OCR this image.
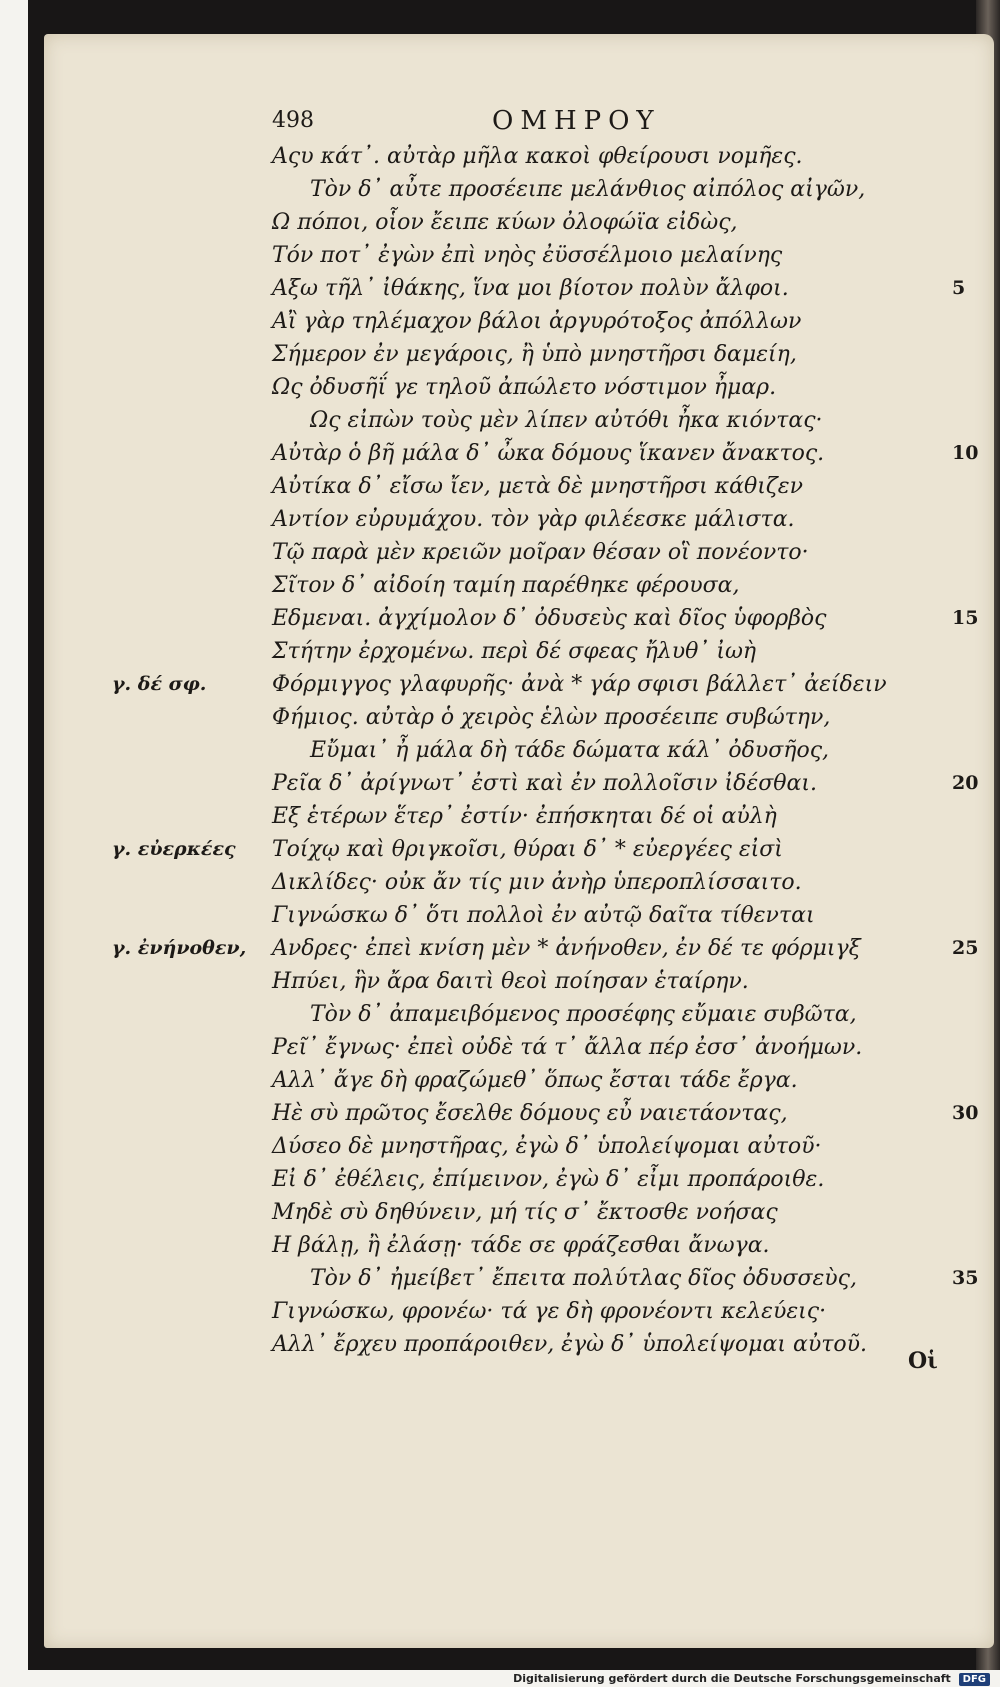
498	ΟΜΗΡΟΥ
Αςυ κάτ᾽. αὐτὰρ μῆλα κακοὶ φθείρουσι νομῆες.
Τὸν δ᾽ αὖτε προσέειπε μελάνθιος αἰπόλος αἰγῶν,
Ω πόποι, οἷον ἔειπε κύων ὀλοφώϊα εἰδὼς,
Τόν ποτ᾽ ἐγὼν ἐπὶ νηὸς ἐϋσσέλμοιο μελαίνης
Αξω τῆλ᾽ ἰθάκης, ἵνα μοι βίοτον πολὺν ἄλφοι.	5
Αἲ γὰρ τηλέμαχον βάλοι ἀργυρότοξος ἀπόλλων
Σήμερον ἐν μεγάροις, ἢ ὑπὸ μνηστῆρσι δαμείη,
Ως ὀδυσῆΐ γε τηλοῦ ἀπώλετο νόστιμον ἦμαρ.
Ως εἰπὼν τοὺς μὲν λίπεν αὐτόθι ἦκα κιόντας·
Αὐτὰρ ὁ βῆ μάλα δ᾽ ὦκα δόμους ἵκανεν ἄνακτος.	10
Αὐτίκα δ᾽ εἴσω ἴεν, μετὰ δὲ μνηστῆρσι κάθιζεν
Αντίον εὐρυμάχου. τὸν γὰρ φιλέεσκε μάλιστα.
Τῷ παρὰ μὲν κρειῶν μοῖραν θέσαν οἳ πονέοντο·
Σῖτον δ᾽ αἰδοίη ταμίη παρέθηκε φέρουσα,
Εδμεναι. ἀγχίμολον δ᾽ ὀδυσεὺς καὶ δῖος ὑφορβὸς	15
Στήτην ἐρχομένω. περὶ δέ σφεας ἤλυθ᾽ ἰωὴ
Φόρμιγγος γλαφυρῆς· ἀνὰ * γάρ σφισι βάλλετ᾽ ἀείδειν
γ. δέ σφ.
Φήμιος. αὐτὰρ ὁ χειρὸς ἑλὼν προσέειπε συβώτην,
Εὔμαι᾽ ἦ μάλα δὴ τάδε δώματα κάλ᾽ ὀδυσῆος,
Ρεῖα δ᾽ ἀρίγνωτ᾽ ἐστὶ καὶ ἐν πολλοῖσιν ἰδέσθαι.	20
Εξ ἑτέρων ἕτερ᾽ ἐστίν· ἐπήσκηται δέ οἱ αὐλὴ
Τοίχῳ καὶ θριγκοῖσι, θύραι δ᾽ * εὐεργέες εἰσὶ
γ. εὐερκέες
Δικλίδες· οὐκ ἄν τίς μιν ἀνὴρ ὑπεροπλίσσαιτο.
Γιγνώσκω δ᾽ ὅτι πολλοὶ ἐν αὐτῷ δαῖτα τίθενται
Ανδρες· ἐπεὶ κνίση μὲν * ἀνήνοθεν, ἐν δέ τε φόρμιγξ
γ. ἐνήνοθεν,	25
Ηπύει, ἣν ἄρα δαιτὶ θεοὶ ποίησαν ἑταίρην.
Τὸν δ᾽ ἀπαμειβόμενος προσέφης εὔμαιε συβῶτα,
Ρεῖ᾽ ἔγνως· ἐπεὶ οὐδὲ τά τ᾽ ἄλλα πέρ ἐσσ᾽ ἀνοήμων.
Αλλ᾽ ἄγε δὴ φραζώμεθ᾽ ὅπως ἔσται τάδε ἔργα.
Ηὲ σὺ πρῶτος ἔσελθε δόμους εὖ ναιετάοντας,	30
Δύσεο δὲ μνηστῆρας, ἐγὼ δ᾽ ὑπολείψομαι αὐτοῦ·
Εἰ δ᾽ ἐθέλεις, ἐπίμεινον, ἐγὼ δ᾽ εἶμι προπάροιθε.
Μηδὲ σὺ δηθύνειν, μή τίς σ᾽ ἔκτοσθε νοήσας
Η βάλῃ, ἢ ἐλάσῃ· τάδε σε φράζεσθαι ἄνωγα.
Τὸν δ᾽ ἠμείβετ᾽ ἔπειτα πολύτλας δῖος ὀδυσσεὺς,	35
Γιγνώσκω, φρονέω· τά γε δὴ φρονέοντι κελεύεις·
Αλλ᾽ ἔρχευ προπάροιθεν, ἐγὼ δ᾽ ὑπολείψομαι αὐτοῦ.
Οἱ
Digitalisierung gefördert durch die Deutsche Forschungsgemeinschaft DFG
